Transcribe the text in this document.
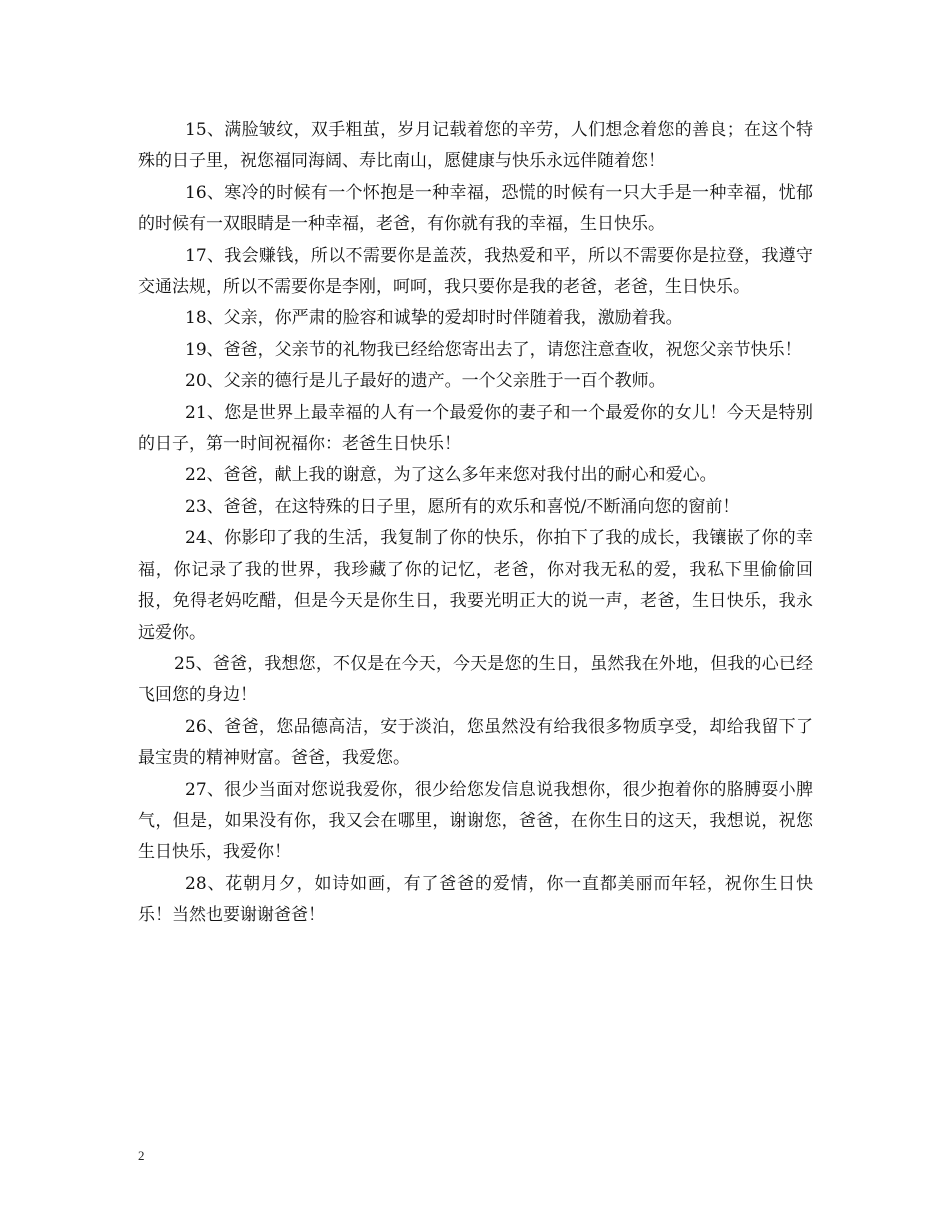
15、满脸皱纹，双手粗茧，岁月记载着您的辛劳，人们想念着您的善良；在这个特殊的日子里，祝您福同海阔、寿比南山，愿健康与快乐永远伴随着您！

16、寒冷的时候有一个怀抱是一种幸福，恐慌的时候有一只大手是一种幸福，忧郁的时候有一双眼睛是一种幸福，老爸，有你就有我的幸福，生日快乐。

17、我会赚钱，所以不需要你是盖茨，我热爱和平，所以不需要你是拉登，我遵守交通法规，所以不需要你是李刚，呵呵，我只要你是我的老爸，老爸，生日快乐。

18、父亲，你严肃的脸容和诚挚的爱却时时伴随着我，激励着我。

19、爸爸，父亲节的礼物我已经给您寄出去了，请您注意查收，祝您父亲节快乐！

20、父亲的德行是儿子最好的遗产。一个父亲胜于一百个教师。

21、您是世界上最幸福的人有一个最爱你的妻子和一个最爱你的女儿！今天是特别的日子，第一时间祝福你：老爸生日快乐！

22、爸爸，献上我的谢意，为了这么多年来您对我付出的耐心和爱心。

23、爸爸，在这特殊的日子里，愿所有的欢乐和喜悦/不断涌向您的窗前！

24、你影印了我的生活，我复制了你的快乐，你拍下了我的成长，我镶嵌了你的幸福，你记录了我的世界，我珍藏了你的记忆，老爸，你对我无私的爱，我私下里偷偷回报，免得老妈吃醋，但是今天是你生日，我要光明正大的说一声，老爸，生日快乐，我永远爱你。

25、爸爸，我想您，不仅是在今天，今天是您的生日，虽然我在外地，但我的心已经飞回您的身边！

26、爸爸，您品德高洁，安于淡泊，您虽然没有给我很多物质享受，却给我留下了最宝贵的精神财富。爸爸，我爱您。

27、很少当面对您说我爱你，很少给您发信息说我想你，很少抱着你的胳膊耍小脾气，但是，如果没有你，我又会在哪里，谢谢您，爸爸，在你生日的这天，我想说，祝您生日快乐，我爱你！

28、花朝月夕，如诗如画，有了爸爸的爱情，你一直都美丽而年轻，祝你生日快乐！当然也要谢谢爸爸！

2
